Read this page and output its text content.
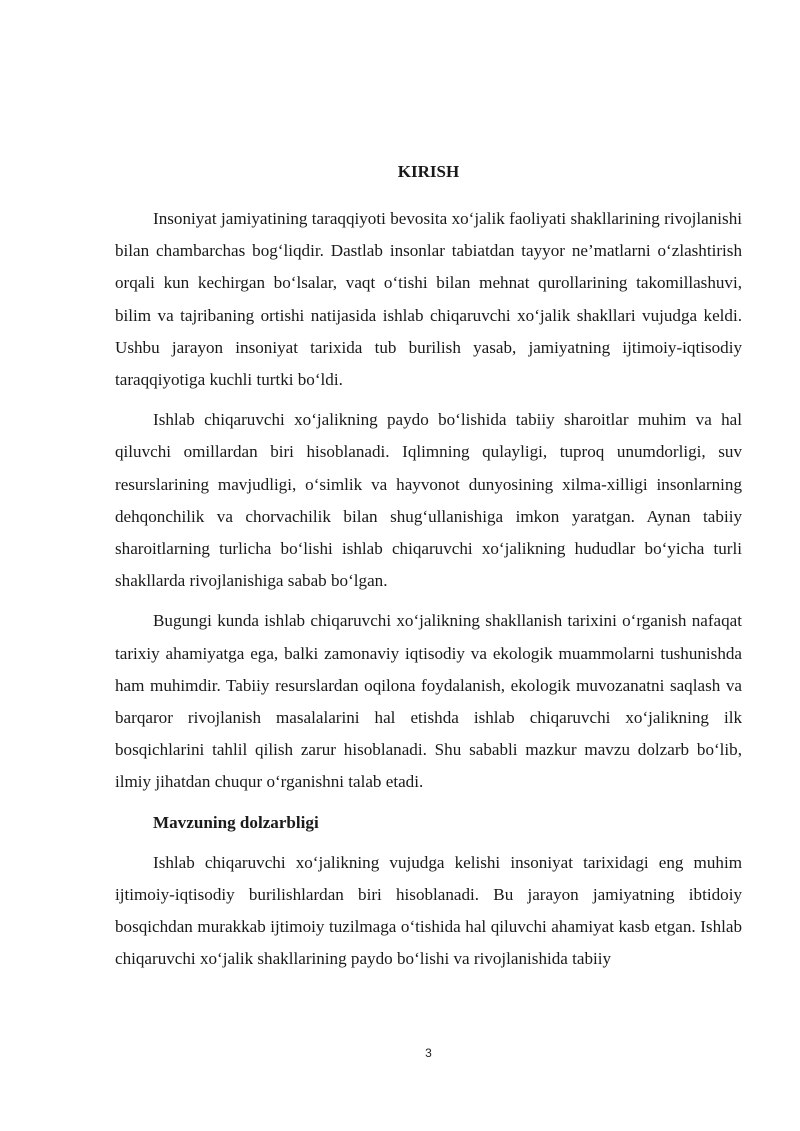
KIRISH

Insoniyat jamiyatining taraqqiyoti bevosita xo‘jalik faoliyati shakllarining rivojlanishi bilan chambarchas bog‘liqdir. Dastlab insonlar tabiatdan tayyor ne’matlarni o‘zlashtirish orqali kun kechirgan bo‘lsalar, vaqt o‘tishi bilan mehnat qurollarining takomillashuvi, bilim va tajribaning ortishi natijasida ishlab chiqaruvchi xo‘jalik shakllari vujudga keldi. Ushbu jarayon insoniyat tarixida tub burilish yasab, jamiyatning ijtimoiy-iqtisodiy taraqqiyotiga kuchli turtki bo‘ldi.

Ishlab chiqaruvchi xo‘jalikning paydo bo‘lishida tabiiy sharoitlar muhim va hal qiluvchi omillardan biri hisoblanadi. Iqlimning qulayligi, tuproq unumdorligi, suv resurslarining mavjudligi, o‘simlik va hayvonot dunyosining xilma-xilligi insonlarning dehqonchilik va chorvachilik bilan shug‘ullanishiga imkon yaratgan. Aynan tabiiy sharoitlarning turlicha bo‘lishi ishlab chiqaruvchi xo‘jalikning hududlar bo‘yicha turli shakllarda rivojlanishiga sabab bo‘lgan.

Bugungi kunda ishlab chiqaruvchi xo‘jalikning shakllanish tarixini o‘rganish nafaqat tarixiy ahamiyatga ega, balki zamonaviy iqtisodiy va ekologik muammolarni tushunishda ham muhimdir. Tabiiy resurslardan oqilona foydalanish, ekologik muvozanatni saqlash va barqaror rivojlanish masalalarini hal etishda ishlab chiqaruvchi xo‘jalikning ilk bosqichlarini tahlil qilish zarur hisoblanadi. Shu sababli mazkur mavzu dolzarb bo‘lib, ilmiy jihatdan chuqur o‘rganishni talab etadi.

Mavzuning dolzarbligi

Ishlab chiqaruvchi xo‘jalikning vujudga kelishi insoniyat tarixidagi eng muhim ijtimoiy-iqtisodiy burilishlardan biri hisoblanadi. Bu jarayon jamiyatning ibtidoiy bosqichdan murakkab ijtimoiy tuzilmaga o‘tishida hal qiluvchi ahamiyat kasb etgan. Ishlab chiqaruvchi xo‘jalik shakllarining paydo bo‘lishi va rivojlanishida tabiiy

3
